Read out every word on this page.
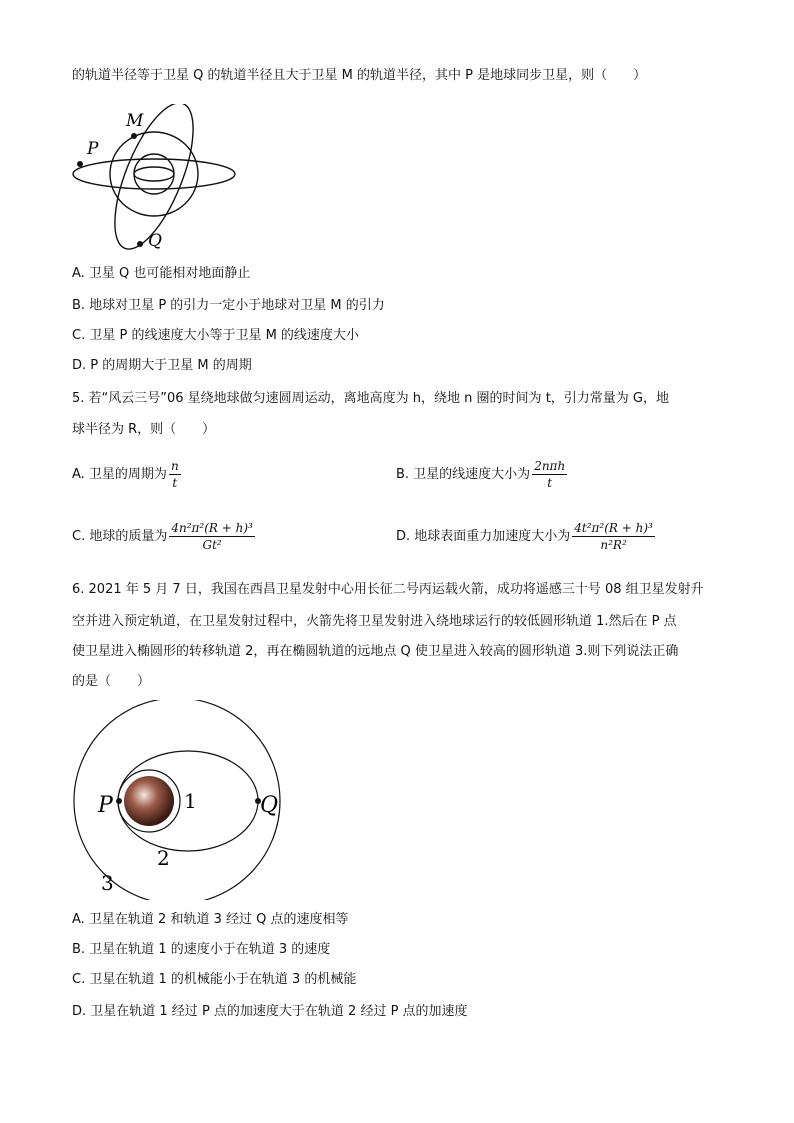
的轨道半径等于卫星 Q 的轨道半径且大于卫星 M 的轨道半径，其中 P 是地球同步卫星，则（　　）
M
P
Q
A. 卫星 Q 也可能相对地面静止
B. 地球对卫星 P 的引力一定小于地球对卫星 M 的引力
C. 卫星 P 的线速度大小等于卫星 M 的线速度大小
D. P 的周期大于卫星 M 的周期
5. 若“风云三号”06 星绕地球做匀速圆周运动，离地高度为 h，绕地 n 圈的时间为 t，引力常量为 G，地
球半径为 R，则（　　）
A. 卫星的周期为 $\frac{n}{t}$	B. 卫星的线速度大小为 $\frac{\text{2nπh}}{t}$
C. 地球的质量为 $\frac{\text{4n²π²(R + h)³}}{\text{Gt²}}$	D. 地球表面重力加速度大小为 $\frac{\text{4t²π²(R + h)³}}{\text{n²R²}}$
6. 2021 年 5 月 7 日，我国在西昌卫星发射中心用长征二号丙运载火箭，成功将遥感三十号 08 组卫星发射升
空并进入预定轨道，在卫星发射过程中，火箭先将卫星发射进入绕地球运行的较低圆形轨道 1.然后在 P 点
使卫星进入椭圆形的转移轨道 2，再在椭圆轨道的远地点 Q 使卫星进入较高的圆形轨道 3.则下列说法正确
的是（　　）
P	Q
1
2
3
A. 卫星在轨道 2 和轨道 3 经过 Q 点的速度相等
B. 卫星在轨道 1 的速度小于在轨道 3 的速度
C. 卫星在轨道 1 的机械能小于在轨道 3 的机械能
D. 卫星在轨道 1 经过 P 点的加速度大于在轨道 2 经过 P 点的加速度
